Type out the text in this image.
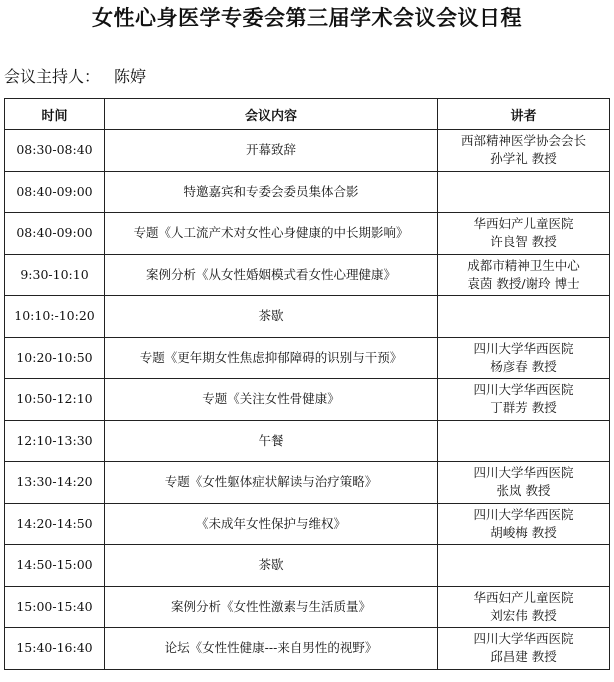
女性心身医学专委会第三届学术会议会议日程
会议主持人： 陈婷
时间	会议内容	讲者
08:30-08:40	开幕致辞	西部精神医学协会会长
孙学礼 教授

08:40-09:00	特邀嘉宾和专委会委员集体合影	
08:40-09:00	专题《人工流产术对女性心身健康的中长期影响》	华西妇产儿童医院
许良智 教授

9:30-10:10	案例分析《从女性婚姻模式看女性心理健康》	成都市精神卫生中心
袁茵 教授/谢玲 博士

10:10:-10:20	茶歇	
10:20-10:50	专题《更年期女性焦虑抑郁障碍的识别与干预》	四川大学华西医院
杨彦春 教授

10:50-12:10	专题《关注女性骨健康》	四川大学华西医院
丁群芳 教授

12:10-13:30	午餐	
13:30-14:20	专题《女性躯体症状解读与治疗策略》	四川大学华西医院
张岚 教授

14:20-14:50	《未成年女性保护与维权》	四川大学华西医院
胡峻梅 教授

14:50-15:00	茶歇	
15:00-15:40	案例分析《女性性激素与生活质量》	华西妇产儿童医院
刘宏伟 教授

15:40-16:40	论坛《女性性健康---来自男性的视野》	四川大学华西医院
邱昌建 教授
